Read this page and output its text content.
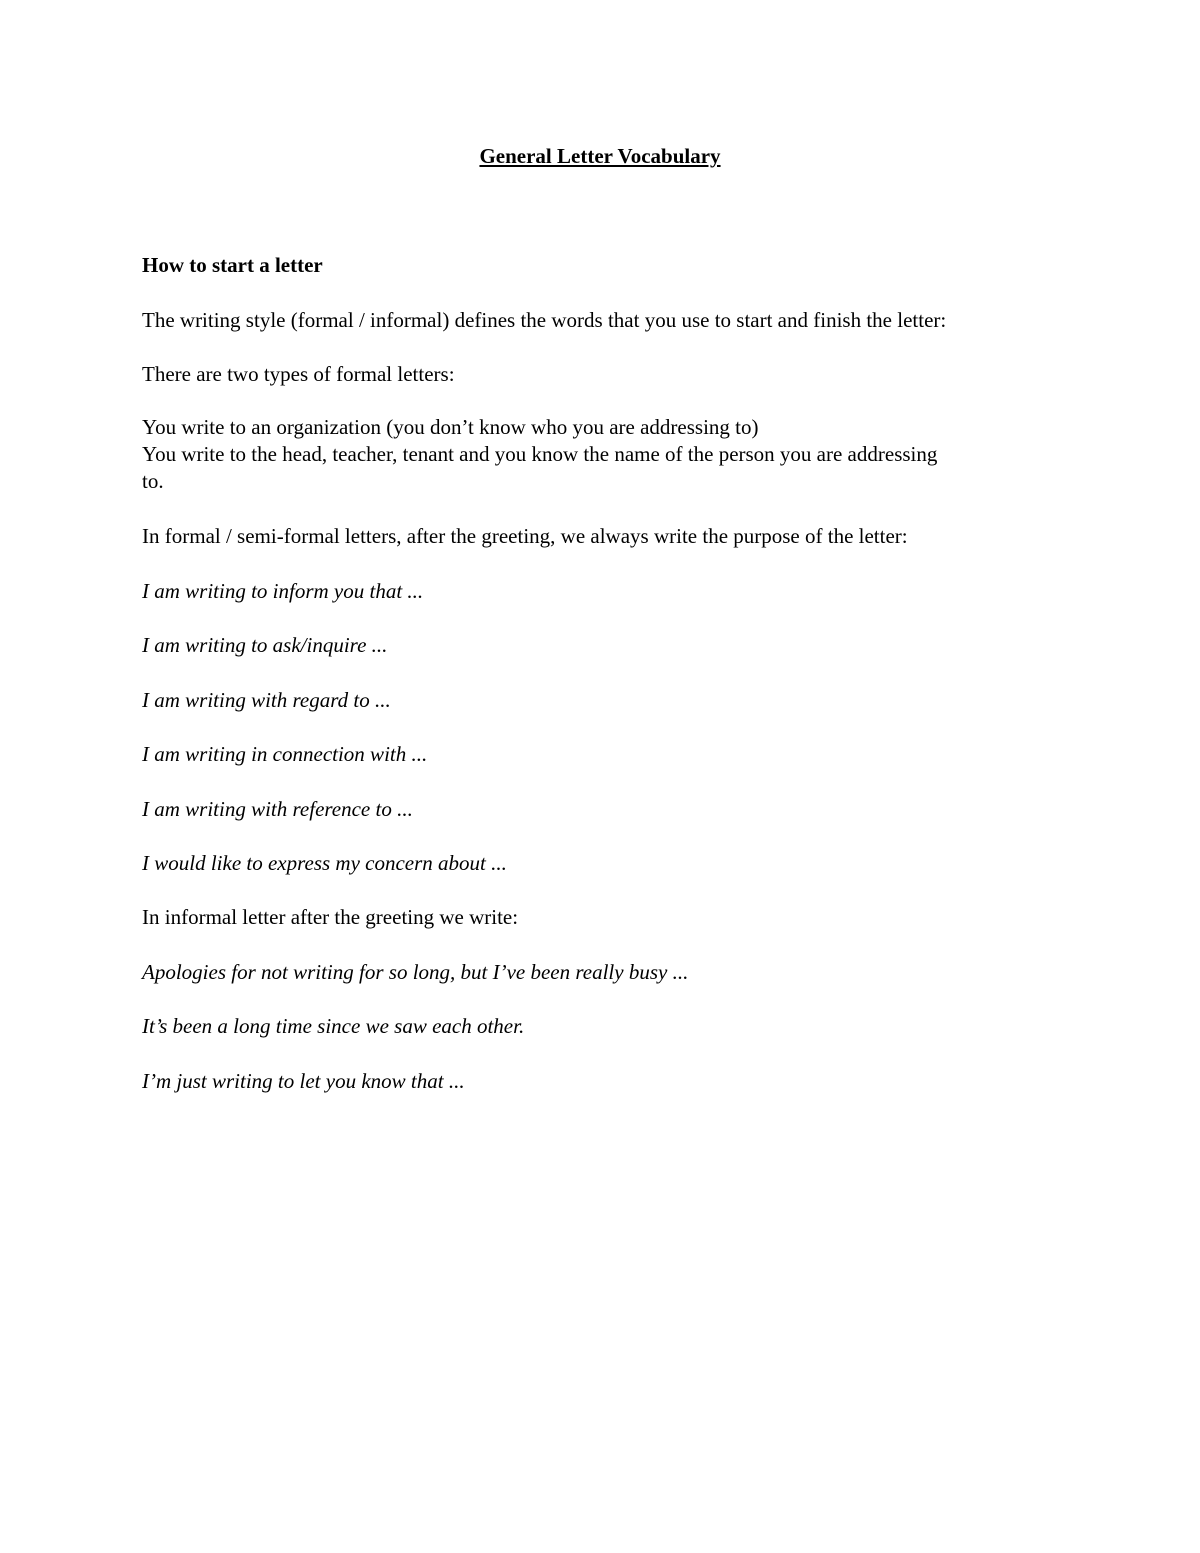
General Letter Vocabulary

How to start a letter

The writing style (formal / informal) defines the words that you use to start and finish the letter:

There are two types of formal letters:

You write to an organization (you don’t know who you are addressing to)

You write to the head, teacher, tenant and you know the name of the person you are addressing

to.

In formal / semi-formal letters, after the greeting, we always write the purpose of the letter:

I am writing to inform you that ...

I am writing to ask/inquire ...

I am writing with regard to ...

I am writing in connection with ...

I am writing with reference to ...

I would like to express my concern about ...

In informal letter after the greeting we write:

Apologies for not writing for so long, but I’ve been really busy ...

It’s been a long time since we saw each other.

I’m just writing to let you know that ...
